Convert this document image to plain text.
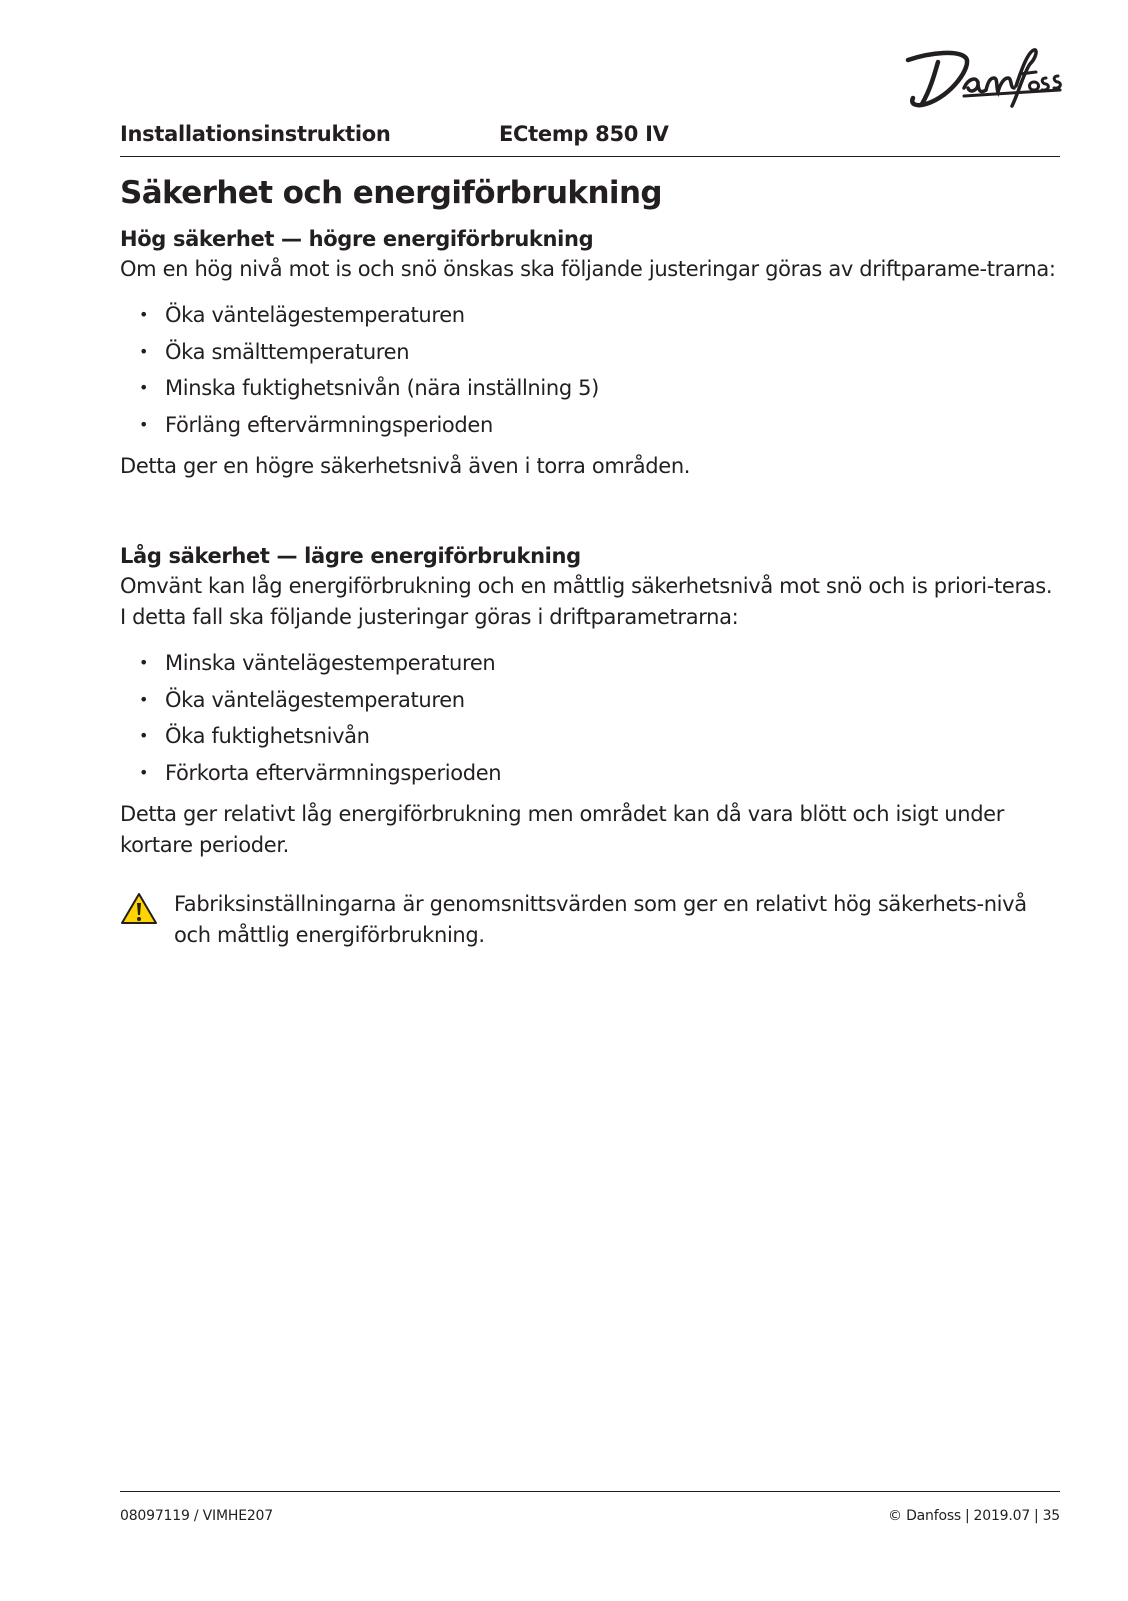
Installationsinstruktion	ECtemp 850 IV
Säkerhet och energiförbrukning
Hög säkerhet — högre energiförbrukning

Om en hög nivå mot is och snö önskas ska följande justeringar göras av driftparame-trarna:

• Öka väntelägestemperaturen
• Öka smälttemperaturen
• Minska fuktighetsnivån (nära inställning 5)
• Förläng eftervärmningsperioden

Detta ger en högre säkerhetsnivå även i torra områden.

Låg säkerhet — lägre energiförbrukning

Omvänt kan låg energiförbrukning och en måttlig säkerhetsnivå mot snö och is priori-teras. I detta fall ska följande justeringar göras i driftparametrarna:

• Minska väntelägestemperaturen
• Öka väntelägestemperaturen
• Öka fuktighetsnivån
• Förkorta eftervärmningsperioden

Detta ger relativt låg energiförbrukning men området kan då vara blött och isigt under kortare perioder.

Fabriksinställningarna är genomsnittsvärden som ger en relativt hög säkerhets-nivå och måttlig energiförbrukning.

08097119 / VIMHE207	© Danfoss | 2019.07 | 35
